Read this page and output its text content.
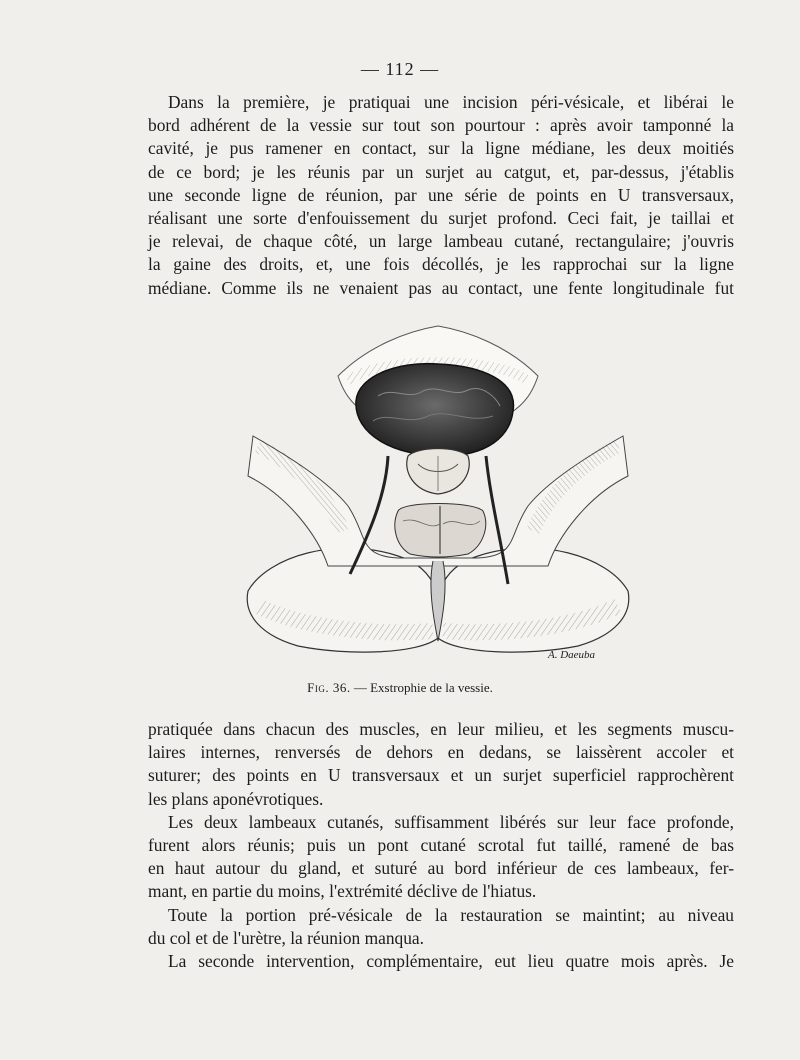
— 112 —

Dans la première, je pratiquai une incision péri-vésicale, et libérai le
bord adhérent de la vessie sur tout son pourtour : après avoir tamponné la
cavité, je pus ramener en contact, sur la ligne médiane, les deux moitiés
de ce bord; je les réunis par un surjet au catgut, et, par-dessus, j'établis
une seconde ligne de réunion, par une série de points en U transversaux,
réalisant une sorte d'enfouissement du surjet profond. Ceci fait, je taillai et
je relevai, de chaque côté, un large lambeau cutané, rectangulaire; j'ouvris
la gaine des droits, et, une fois décollés, je les rapprochai sur la ligne
médiane. Comme ils ne venaient pas au contact, une fente longitudinale fut

A. Daeuba
Fig. 36. — Exstrophie de la vessie.

pratiquée dans chacun des muscles, en leur milieu, et les segments muscu-
laires internes, renversés de dehors en dedans, se laissèrent accoler et
suturer; des points en U transversaux et un surjet superficiel rapprochèrent
les plans aponévrotiques.
Les deux lambeaux cutanés, suffisamment libérés sur leur face profonde,
furent alors réunis; puis un pont cutané scrotal fut taillé, ramené de bas
en haut autour du gland, et suturé au bord inférieur de ces lambeaux, fer-
mant, en partie du moins, l'extrémité déclive de l'hiatus.
Toute la portion pré-vésicale de la restauration se maintint; au niveau
du col et de l'urètre, la réunion manqua.
La seconde intervention, complémentaire, eut lieu quatre mois après. Je
